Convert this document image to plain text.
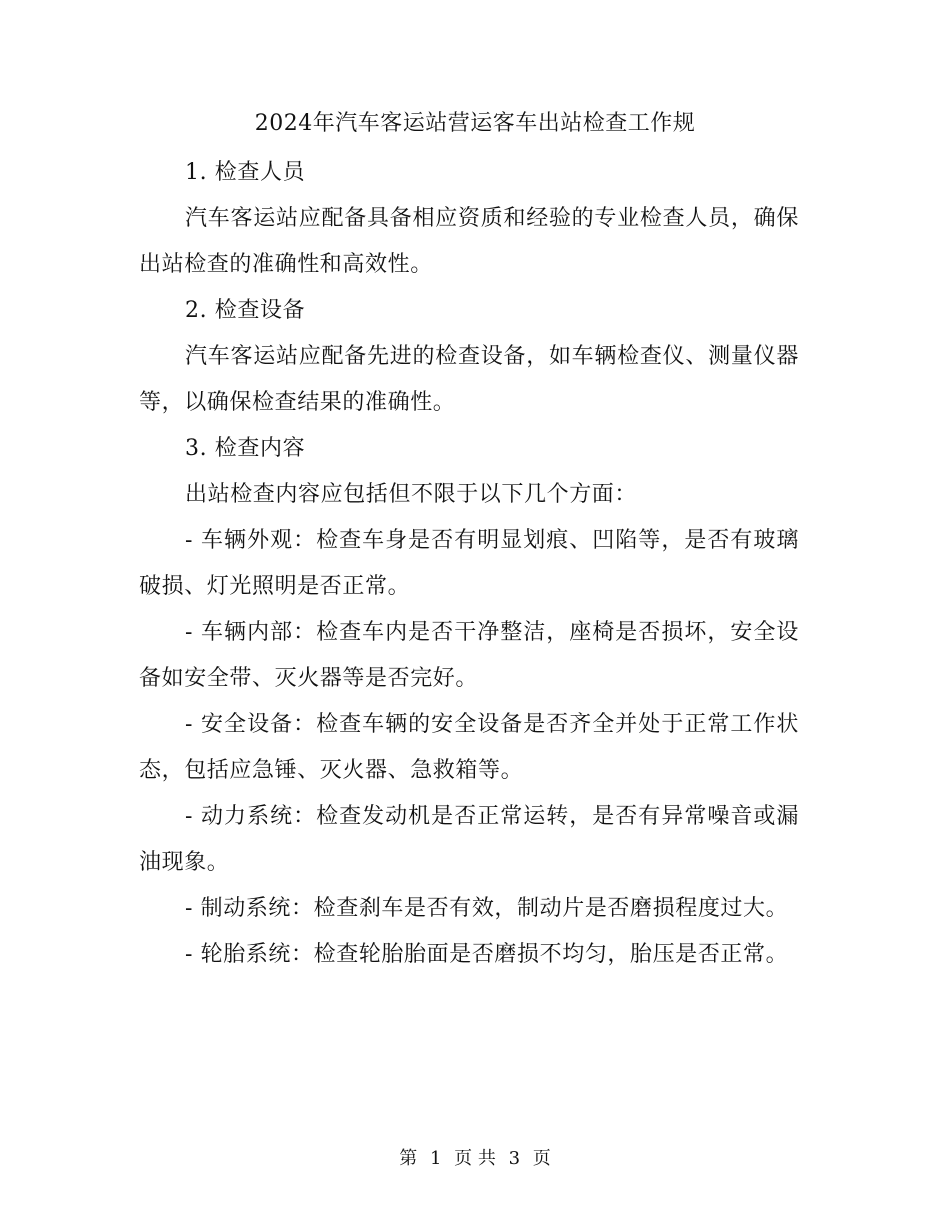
2024年汽车客运站营运客车出站检查工作规

1. 检查人员

汽车客运站应配备具备相应资质和经验的专业检查人员，确保出站检查的准确性和高效性。

2. 检查设备

汽车客运站应配备先进的检查设备，如车辆检查仪、测量仪器等，以确保检查结果的准确性。

3. 检查内容

出站检查内容应包括但不限于以下几个方面：

- 车辆外观：检查车身是否有明显划痕、凹陷等，是否有玻璃破损、灯光照明是否正常。

- 车辆内部：检查车内是否干净整洁，座椅是否损坏，安全设备如安全带、灭火器等是否完好。

- 安全设备：检查车辆的安全设备是否齐全并处于正常工作状态，包括应急锤、灭火器、急救箱等。

- 动力系统：检查发动机是否正常运转，是否有异常噪音或漏油现象。

- 制动系统：检查刹车是否有效，制动片是否磨损程度过大。

- 轮胎系统：检查轮胎胎面是否磨损不均匀，胎压是否正常。

第 1 页 共 3 页
